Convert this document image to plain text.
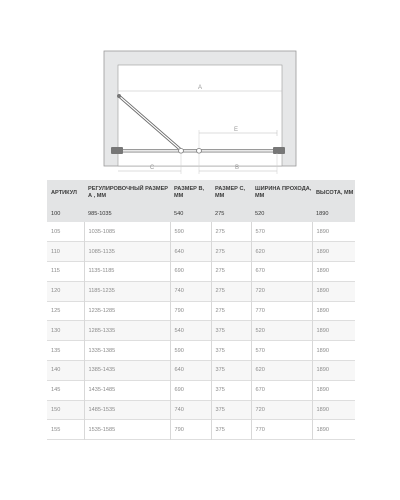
A
E
C	B
АРТИКУЛ	РЕГУЛИРОВОЧНЫЙ РАЗМЕР А , ММ	РАЗМЕР B, ММ	РАЗМЕР C, ММ	ШИРИНА ПРОХОДА, ММ	ВЫСОТА, ММ
100	985-1035	540	275	520	1890
105	1035-1085	590	275	570	1890
110	1085-1135	640	275	620	1890
115	1135-1185	690	275	670	1890
120	1185-1235	740	275	720	1890
125	1235-1285	790	275	770	1890
130	1285-1335	540	375	520	1890
135	1335-1385	590	375	570	1890
140	1385-1435	640	375	620	1890
145	1435-1485	690	375	670	1890
150	1485-1535	740	375	720	1890
155	1535-1585	790	375	770	1890
